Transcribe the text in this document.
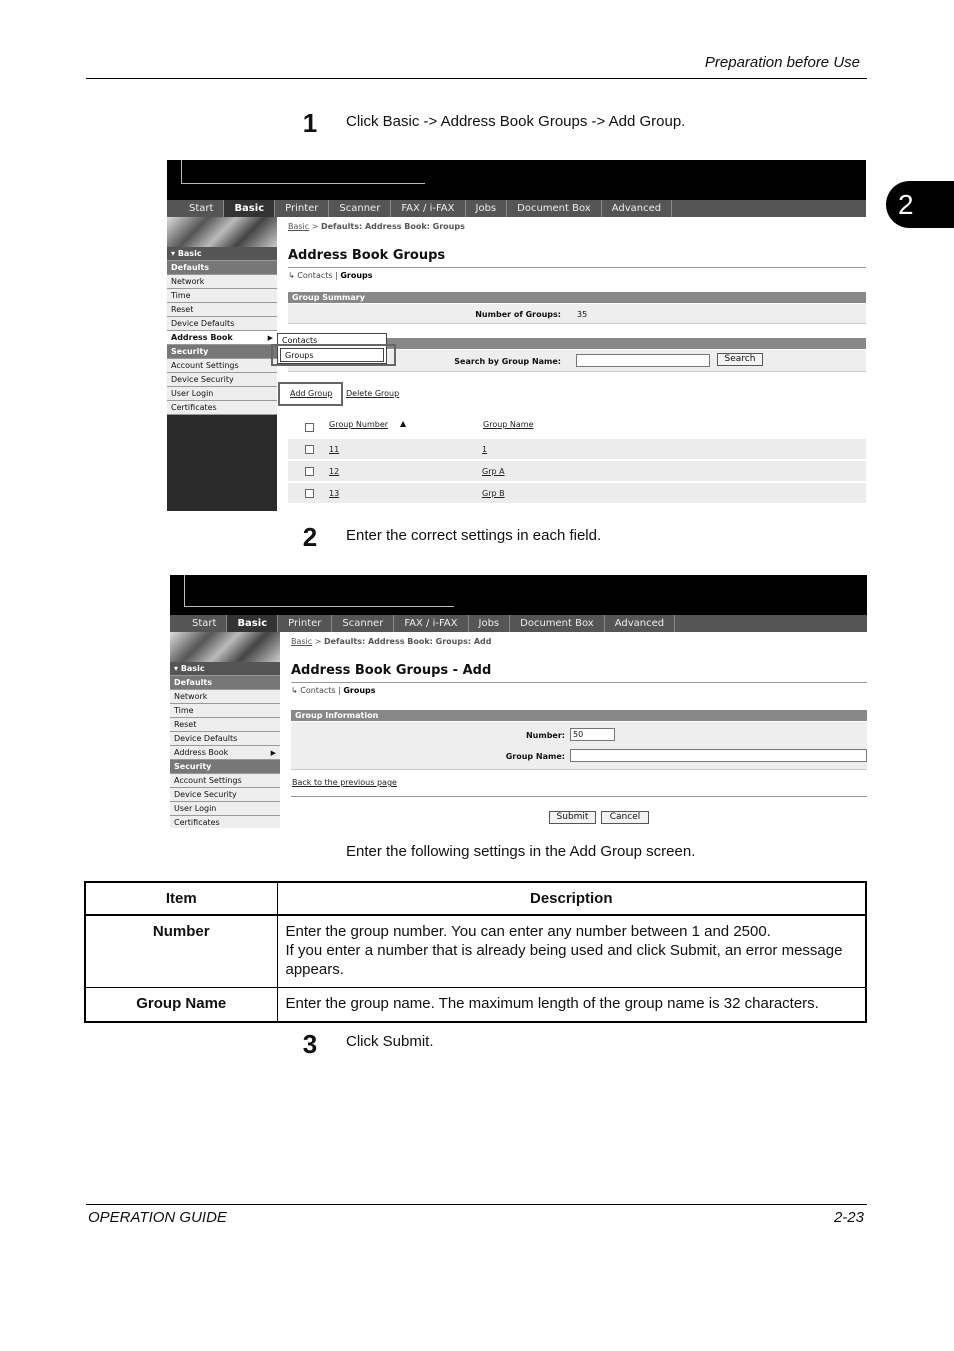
Preparation before Use
2
1	Click Basic -> Address Book Groups -> Add Group.
Start	Basic	Printer	Scanner	FAX / i-FAX	Jobs	Document Box	Advanced
▾ Basic
Defaults
Network
Time
Reset
Device Defaults
Address Book	▶
Security
Account Settings
Device Security
User Login
Certificates
Basic > Defaults: Address Book: Groups
Address Book Groups
↳ Contacts | Groups
Group Summary
Number of Groups: 35
Search by Group Name:	Search
Add Group Delete Group
Group Number ▲	Group Name
11	1
12	Grp A
13	Grp B
Contacts
Groups
2	Enter the correct settings in each field.
Start	Basic	Printer	Scanner	FAX / i-FAX	Jobs	Document Box	Advanced
▾ Basic
Defaults
Network
Time
Reset
Device Defaults
Address Book	▶
Security
Account Settings
Device Security
User Login
Certificates
Basic > Defaults: Address Book: Groups: Add
Address Book Groups - Add
↳ Contacts | Groups
Group Information
Number:	50
Group Name:
Back to the previous page
Submit	Cancel
Enter the following settings in the Add Group screen.
Item	Description
Number	Enter the group number. You can enter any number between 1 and 2500.
If you enter a number that is already being used and click Submit, an error message appears.

Group Name	Enter the group name. The maximum length of the group name is 32 characters.
3	Click Submit.
OPERATION GUIDE	2-23
